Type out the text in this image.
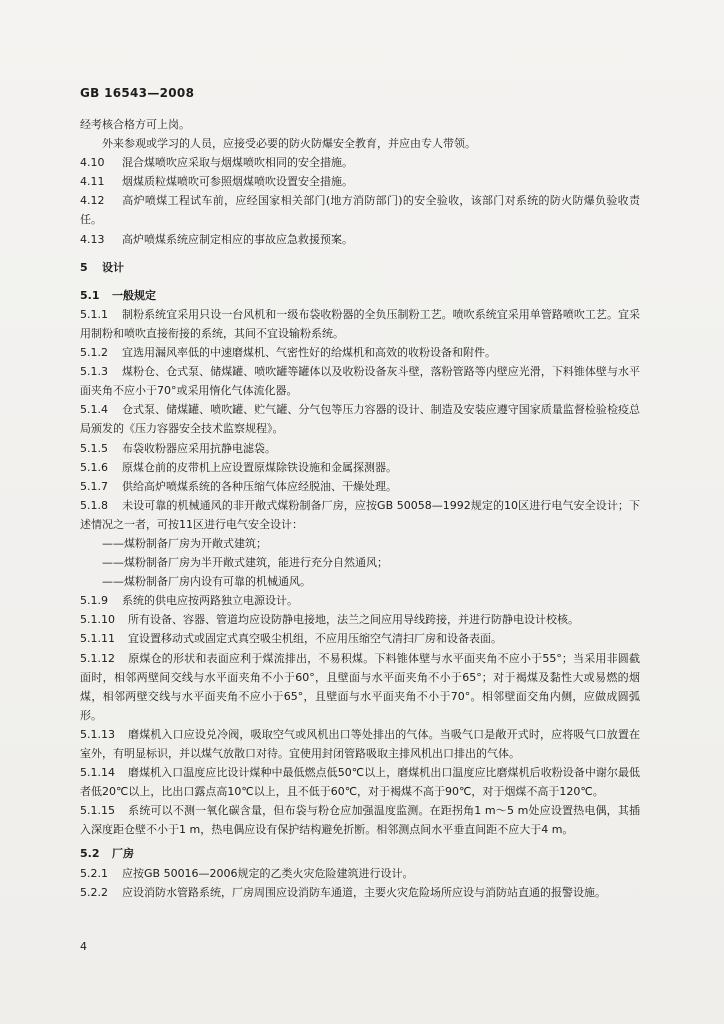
GB 16543—2008
经考核合格方可上岗。
外来参观或学习的人员，应接受必要的防火防爆安全教育，并应由专人带领。
4.10 混合煤喷吹应采取与烟煤喷吹相同的安全措施。
4.11 烟煤质粒煤喷吹可参照烟煤喷吹设置安全措施。
4.12 高炉喷煤工程试车前，应经国家相关部门(地方消防部门)的安全验收，该部门对系统的防火防爆负验收责任。
4.13 高炉喷煤系统应制定相应的事故应急救援预案。
5 设计
5.1 一般规定
5.1.1 制粉系统宜采用只设一台风机和一级布袋收粉器的全负压制粉工艺。喷吹系统宜采用单管路喷吹工艺。宜采用制粉和喷吹直接衔接的系统，其间不宜设输粉系统。
5.1.2 宜选用漏风率低的中速磨煤机、气密性好的给煤机和高效的收粉设备和附件。
5.1.3 煤粉仓、仓式泵、储煤罐、喷吹罐等罐体以及收粉设备灰斗壁，落粉管路等内壁应光滑，下料锥体壁与水平面夹角不应小于70°或采用惰化气体流化器。
5.1.4 仓式泵、储煤罐、喷吹罐、贮气罐、分气包等压力容器的设计、制造及安装应遵守国家质量监督检验检疫总局颁发的《压力容器安全技术监察规程》。
5.1.5 布袋收粉器应采用抗静电滤袋。
5.1.6 原煤仓前的皮带机上应设置原煤除铁设施和金属探测器。
5.1.7 供给高炉喷煤系统的各种压缩气体应经脱油、干燥处理。
5.1.8 未设可靠的机械通风的非开敞式煤粉制备厂房，应按GB 50058—1992规定的10区进行电气安全设计；下述情况之一者，可按11区进行电气安全设计：
——煤粉制备厂房为开敞式建筑；
——煤粉制备厂房为半开敞式建筑，能进行充分自然通风；
——煤粉制备厂房内设有可靠的机械通风。
5.1.9 系统的供电应按两路独立电源设计。
5.1.10 所有设备、容器、管道均应设防静电接地，法兰之间应用导线跨接，并进行防静电设计校核。
5.1.11 宜设置移动式或固定式真空吸尘机组，不应用压缩空气清扫厂房和设备表面。
5.1.12 原煤仓的形状和表面应利于煤流排出，不易积煤。下料锥体壁与水平面夹角不应小于55°；当采用非圆截面时，相邻两壁间交线与水平面夹角不小于60°，且壁面与水平面夹角不小于65°；对于褐煤及黏性大或易燃的烟煤，相邻两壁交线与水平面夹角不应小于65°，且壁面与水平面夹角不小于70°。相邻壁面交角内侧，应做成圆弧形。
5.1.13 磨煤机入口应设兑冷阀，吸取空气或风机出口等处排出的气体。当吸气口是敞开式时，应将吸气口放置在室外，有明显标识，并以煤气放散口对待。宜使用封闭管路吸取主排风机出口排出的气体。
5.1.14 磨煤机入口温度应比设计煤种中最低燃点低50℃以上，磨煤机出口温度应比磨煤机后收粉设备中谢尔最低者低20℃以上，比出口露点高10℃以上，且不低于60℃，对于褐煤不高于90℃，对于烟煤不高于120℃。
5.1.15 系统可以不测一氧化碳含量，但布袋与粉仓应加强温度监测。在距拐角1 m～5 m处应设置热电偶，其插入深度距仓壁不小于1 m，热电偶应设有保护结构避免折断。相邻测点间水平垂直间距不应大于4 m。
5.2 厂房
5.2.1 应按GB 50016—2006规定的乙类火灾危险建筑进行设计。
5.2.2 应设消防水管路系统，厂房周围应设消防车通道，主要火灾危险场所应设与消防站直通的报警设施。
4
